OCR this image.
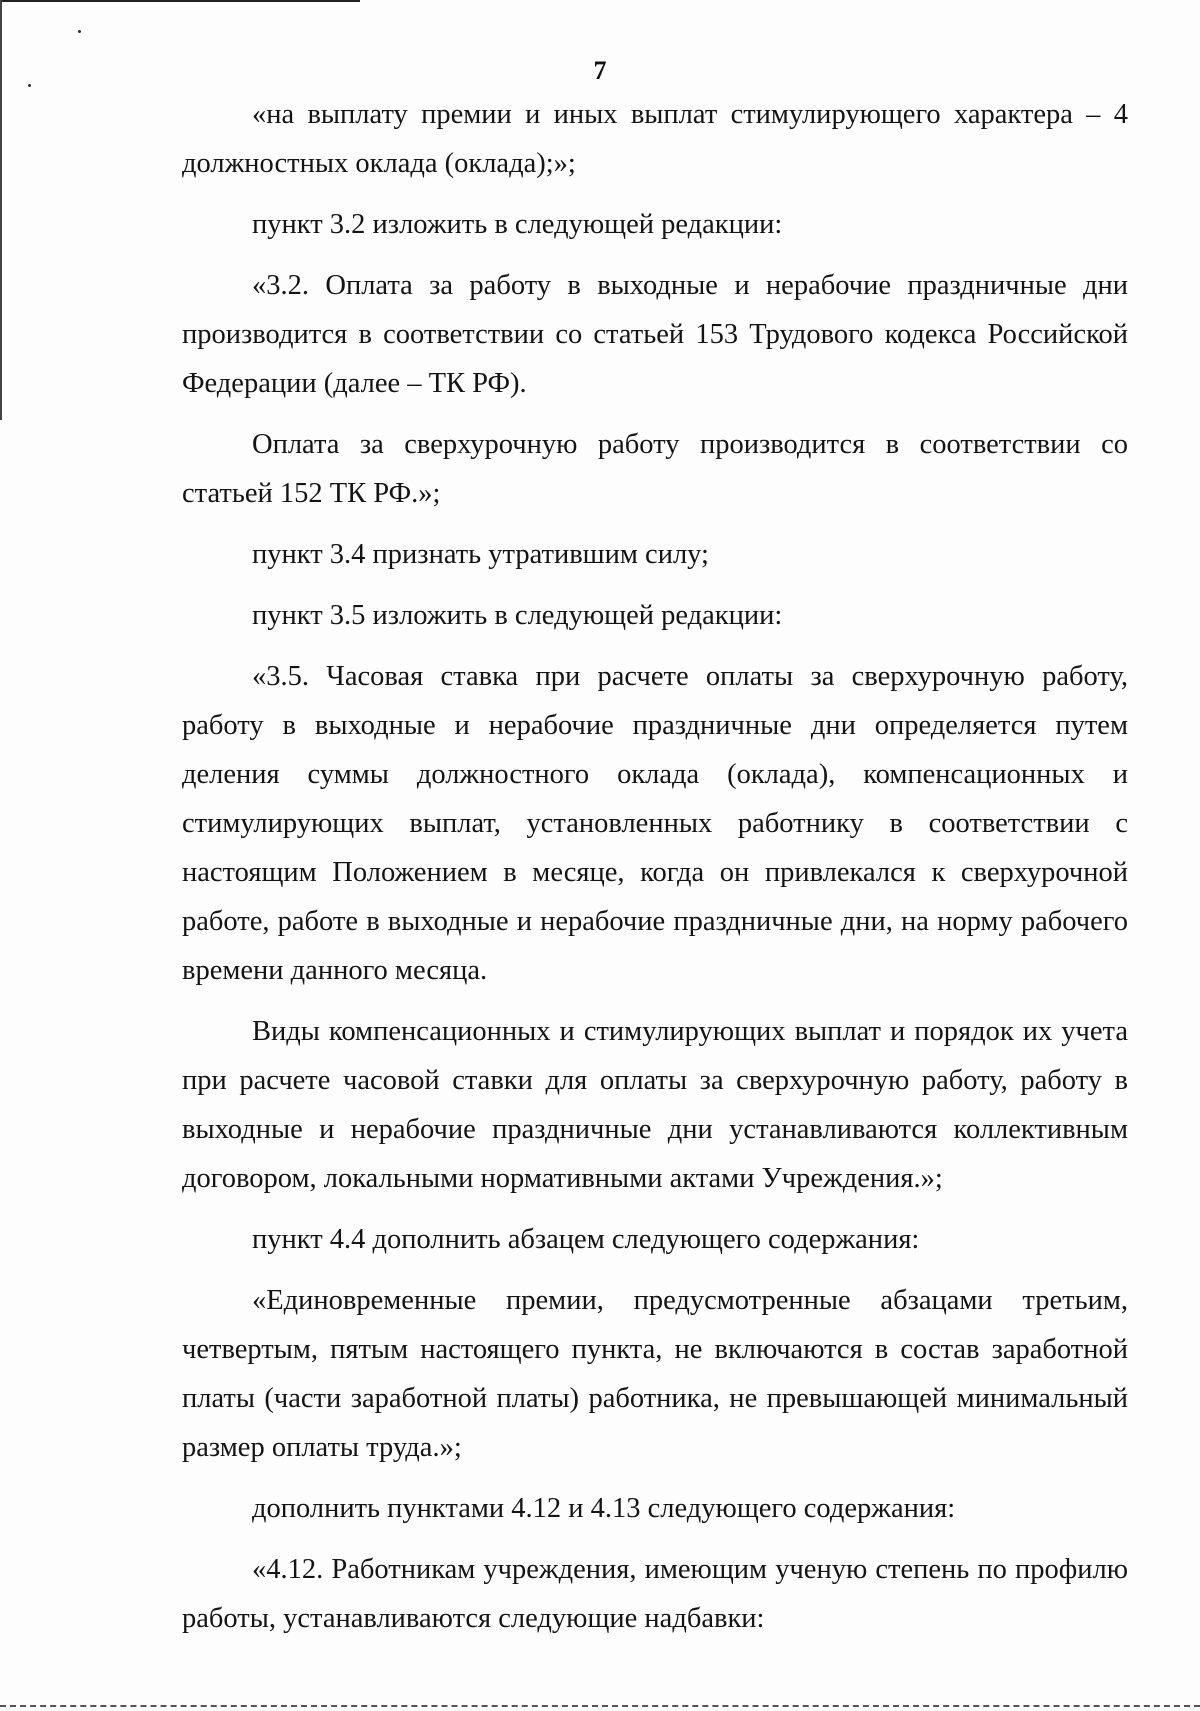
7

«на выплату премии и иных выплат стимулирующего характера – 4 должностных оклада (оклада);»;

пункт 3.2 изложить в следующей редакции:

«3.2. Оплата за работу в выходные и нерабочие праздничные дни производится в соответствии со статьей 153 Трудового кодекса Российской Федерации (далее – ТК РФ).

Оплата за сверхурочную работу производится в соответствии со статьей 152 ТК РФ.»;

пункт 3.4 признать утратившим силу;

пункт 3.5 изложить в следующей редакции:

«3.5. Часовая ставка при расчете оплаты за сверхурочную работу, работу в выходные и нерабочие праздничные дни определяется путем деления суммы должностного оклада (оклада), компенсационных и стимулирующих выплат, установленных работнику в соответствии с настоящим Положением в месяце, когда он привлекался к сверхурочной работе, работе в выходные и нерабочие праздничные дни, на норму рабочего времени данного месяца.

Виды компенсационных и стимулирующих выплат и порядок их учета при расчете часовой ставки для оплаты за сверхурочную работу, работу в выходные и нерабочие праздничные дни устанавливаются коллективным договором, локальными нормативными актами Учреждения.»;

пункт 4.4 дополнить абзацем следующего содержания:

«Единовременные премии, предусмотренные абзацами третьим, четвертым, пятым настоящего пункта, не включаются в состав заработной платы (части заработной платы) работника, не превышающей минимальный размер оплаты труда.»;

дополнить пунктами 4.12 и 4.13 следующего содержания:

«4.12. Работникам учреждения, имеющим ученую степень по профилю работы, устанавливаются следующие надбавки:
